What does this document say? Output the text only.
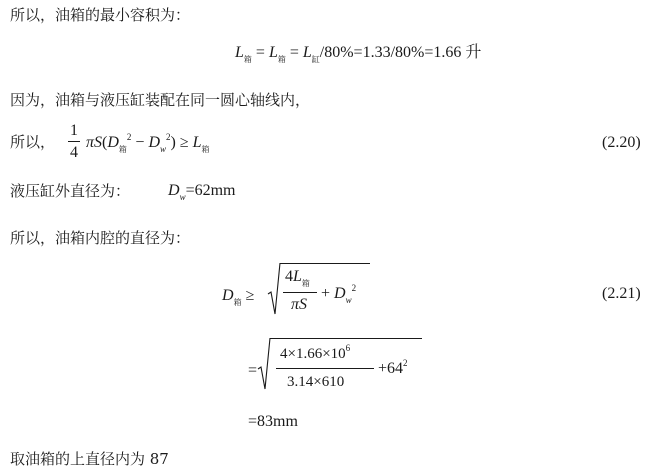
所以，油箱的最小容积为：
$L_箱 = L_箱 = L_缸/80\%=1.33/80\%=1.66$ 升
因为，油箱与液压缸装配在同一圆心轴线内，
所以，
1
4
$\pi S(D_箱^2 - D_w^2) \ge L_箱$	(2.20)
液压缸外直径为： $D_w=62mm$
所以，油箱内腔的直径为：
$D_箱$ ≥
$4L_箱$
πS
+ $D_w^2$	(2.21)
=
$4\times 1.66\times 10^6$
3.14×610
$+64^2$
=83mm
取油箱的上直径内为 87
